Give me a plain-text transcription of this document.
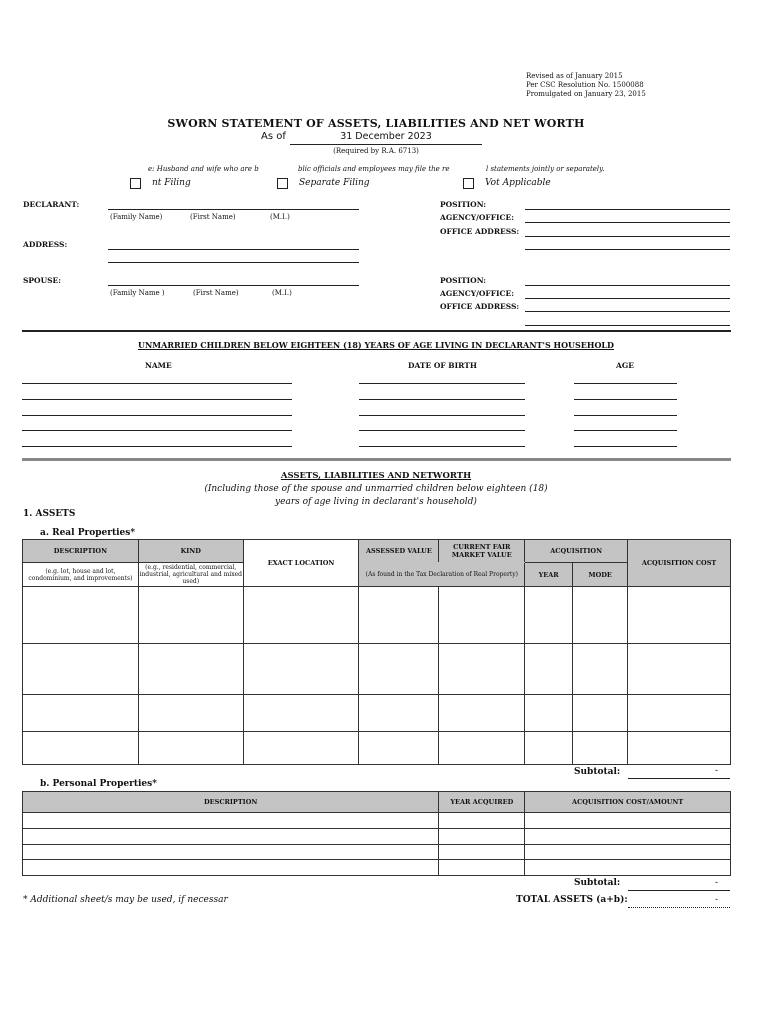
Revised as of January 2015
Per CSC Resolution No. 1500088
Promulgated on January 23, 2015
SWORN STATEMENT OF ASSETS, LIABILITIES AND NET WORTH
As of	31 December 2023
(Required by R.A. 6713)
e: Husband and wife who are b	blic officials and employees may file the re	l statements jointly or separately.
nt Filing	Separate Filing	Vot Applicable
DECLARANT:
(Family Name)	(First Name)	(M.I.)
ADDRESS:
POSITION:
AGENCY/OFFICE:
OFFICE ADDRESS:
SPOUSE:
(Family Name )	(First Name)	(M.I.)
POSITION:
AGENCY/OFFICE:
OFFICE ADDRESS:
UNMARRIED CHILDREN BELOW EIGHTEEN (18) YEARS OF AGE LIVING IN DECLARANT'S HOUSEHOLD
NAME	DATE OF BIRTH	AGE
ASSETS, LIABILITIES AND NETWORTH
(Including those of the spouse and unmarried children below eighteen (18)
years of age living in declarant's household)
1. ASSETS
a. Real Properties*
DESCRIPTION	KIND	EXACT LOCATION	ASSESSED VALUE	CURRENT FAIR MARKET VALUE	ACQUISITION		ACQUISITION COST
(e.g. lot, house and lot, condominium, and improvements)	(e.g., residential, commercial, industrial, agricultural and mixed used)		(As found in the Tax Declaration of Real Property)		YEAR	MODE	

Subtotal:	-
b. Personal Properties*
DESCRIPTION	YEAR ACQUIRED	ACQUISITION COST/AMOUNT

Subtotal:	-
* Additional sheet/s may be used, if necessar	TOTAL ASSETS (a+b):	-
